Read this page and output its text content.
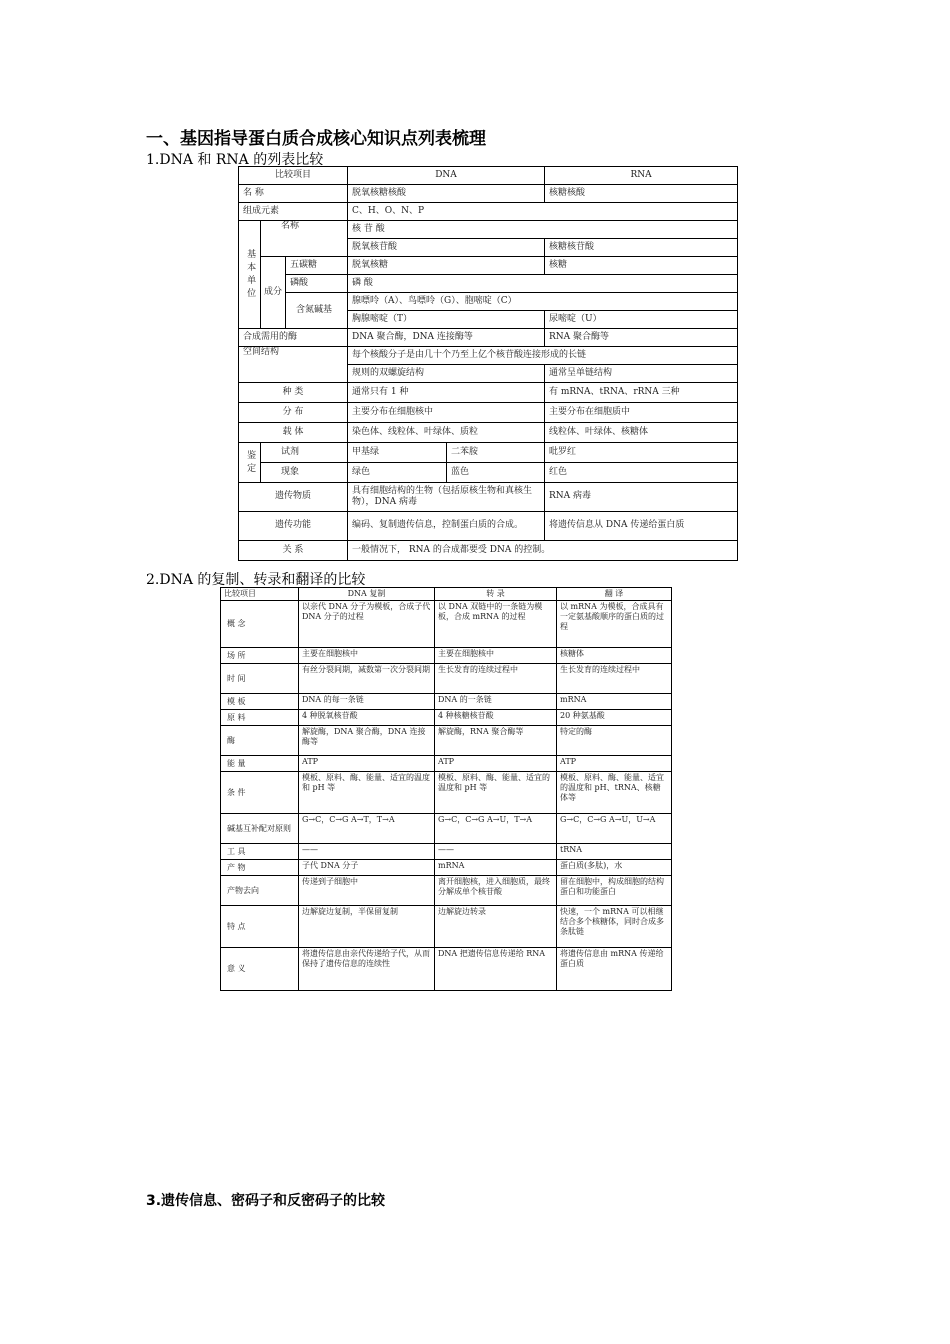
一、基因指导蛋白质合成核心知识点列表梳理
1.DNA 和 RNA 的列表比较
比较项目			DNA		RNA
名 称			脱氧核糖核酸		核糖核酸
组成元素			C、H、O、N、P		
基本单位	名称		核 苷 酸		
			脱氧核苷酸		核糖核苷酸
	成分	五碳糖	脱氧核糖		核糖
		磷酸	磷 酸		
		含氮碱基	腺嘌呤（A）、鸟嘌呤（G）、胞嘧啶（C）		
			胸腺嘧啶（T）		尿嘧啶（U）
合成需用的酶			DNA 聚合酶，DNA 连接酶等		RNA 聚合酶等
空间结构			每个核酸分子是由几十个乃至上亿个核苷酸连接形成的长链		
			规则的双螺旋结构		通常呈单链结构
种 类			通常只有 1 种		有 mRNA、tRNA、rRNA 三种
分 布			主要分布在细胞核中		主要分布在细胞质中
载 体			染色体、线粒体、叶绿体、质粒		线粒体、叶绿体、核糖体
鉴定	试剂		甲基绿	二苯胺	吡罗红
	现象		绿色	蓝色	红色
遗传物质			具有细胞结构的生物（包括原核生物和真核生物），DNA 病毒		RNA 病毒
遗传功能			编码、复制遗传信息，控制蛋白质的合成。		将遗传信息从 DNA 传递给蛋白质
关 系			一般情况下， RNA 的合成都要受 DNA 的控制。		
2.DNA 的复制、转录和翻译的比较
比较项目	DNA 复制	转 录	翻 译
概 念	以亲代 DNA 分子为模板，合成子代 DNA 分子的过程	以 DNA 双链中的一条链为模板，合成 mRNA 的过程	以 mRNA 为模板，合成具有一定氨基酸顺序的蛋白质的过程
场 所	主要在细胞核中	主要在细胞核中	核糖体
时 间	有丝分裂间期，减数第一次分裂间期	生长发育的连续过程中	生长发育的连续过程中
模 板	DNA 的每一条链	DNA 的一条链	mRNA
原 料	4 种脱氧核苷酸	4 种核糖核苷酸	20 种氨基酸
酶	解旋酶，DNA 聚合酶，DNA 连接酶等	解旋酶，RNA 聚合酶等	特定的酶
能 量	ATP	ATP	ATP
条 件	模板、原料、酶、能量、适宜的温度和 pH 等	模板、原料、酶、能量、适宜的温度和 pH 等	模板、原料、酶、能量、适宜的温度和 pH、tRNA、核糖体等
碱基互补配对原则	G→C，C→G A→T，T→A	G→C，C→G A→U，T→A	G→C，C→G A→U，U→A
工 具	——	——	tRNA
产 物	子代 DNA 分子	mRNA	蛋白质(多肽)，水
产物去向	传递到子细胞中	离开细胞核，进入细胞质，最终分解成单个核苷酸	留在细胞中，构成细胞的结构蛋白和功能蛋白
特 点	边解旋边复制，半保留复制	边解旋边转录	快速，一个 mRNA 可以相继结合多个核糖体，同时合成多条肽链
意 义	将遗传信息由亲代传递给子代，从而保持了遗传信息的连续性	DNA 把遗传信息传递给 RNA	将遗传信息由 mRNA 传递给蛋白质
3.遗传信息、密码子和反密码子的比较
